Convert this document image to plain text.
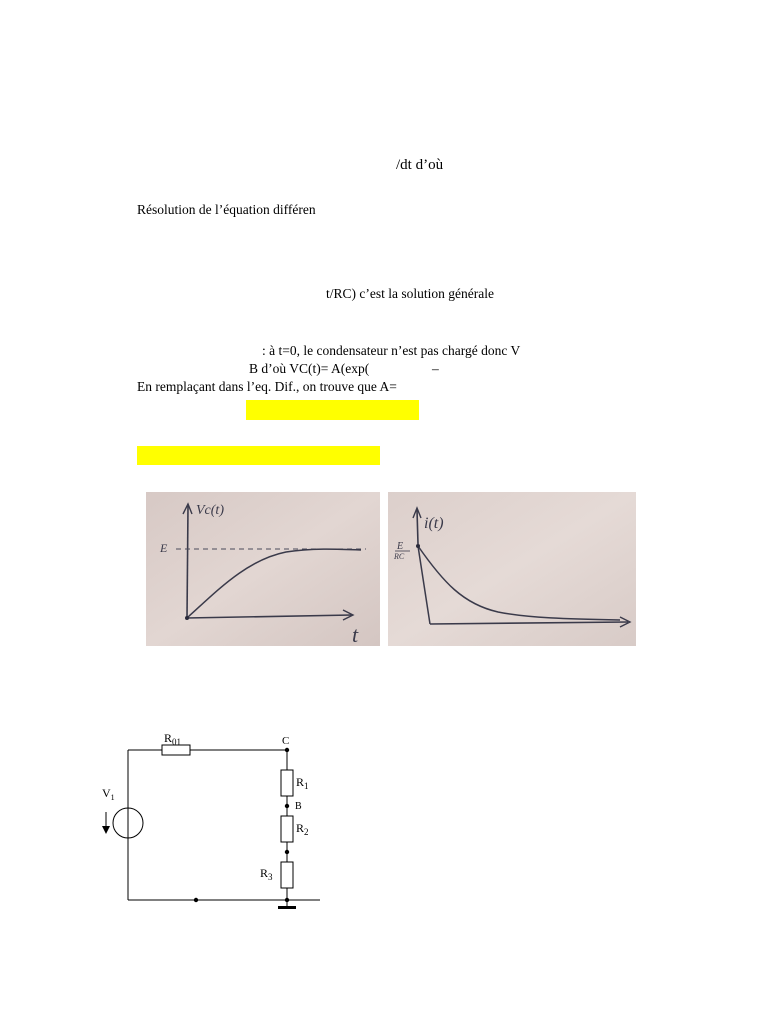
/dt d’où
Résolution de l’équation différen
t/RC) c’est la solution générale
: à t=0, le condensateur n’est pas chargé donc V
B d’où VC(t)= A(exp(	–
En remplaçant dans l’eq. Dif., on trouve que A=
Vc(t)
E
t
i(t)
E
RC
$V_1$
$R_{01}$	C
$R_1$
B
$R_2$
$R_3$
